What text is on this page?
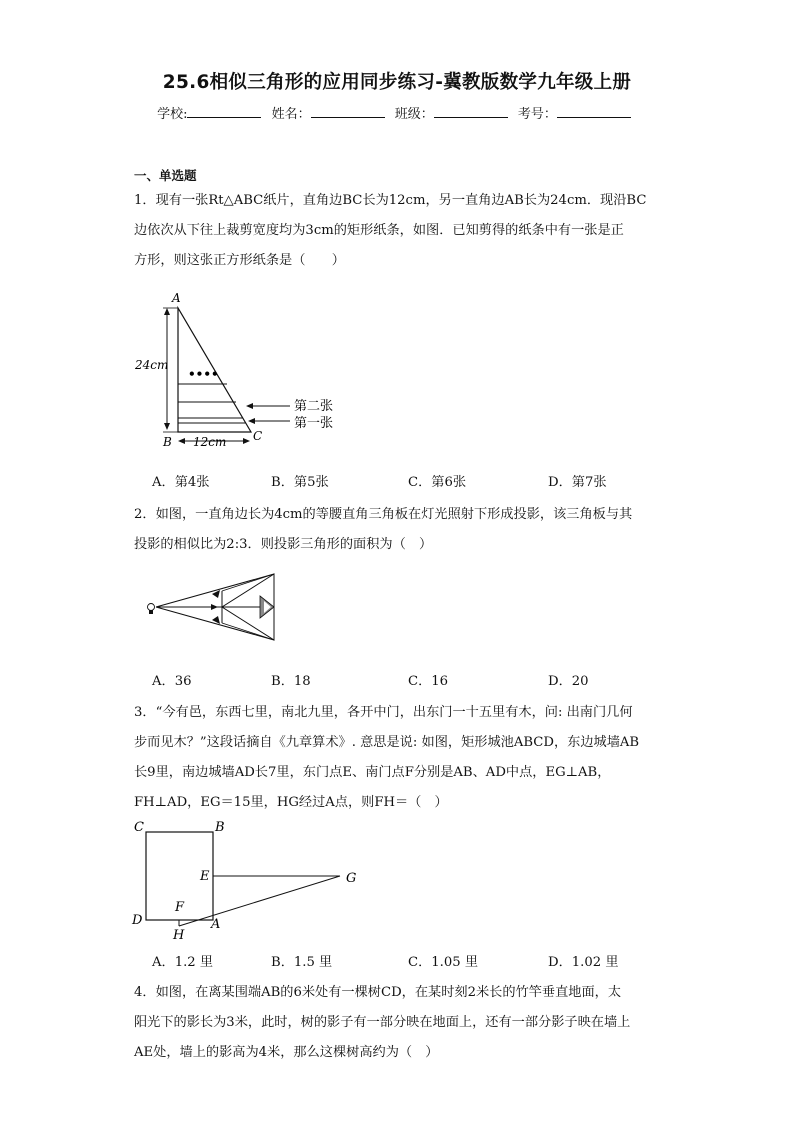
25.6相似三角形的应用同步练习-冀教版数学九年级上册
学校:	姓名：	班级：	考号：
一、单选题
1．现有一张Rt△ABC纸片，直角边BC长为12cm，另一直角边AB长为24cm．现沿BC
边依次从下往上裁剪宽度均为3cm的矩形纸条，如图．已知剪得的纸条中有一张是正
方形，则这张正方形纸条是（　　）
A
B	C
24cm
12cm
••••
第二张
第一张
A．第4张	B．第5张	C．第6张	D．第7张
2．如图，一直角边长为4cm的等腰直角三角板在灯光照射下形成投影，该三角板与其
投影的相似比为2:3．则投影三角形的面积为（　）
A．36	B．18	C．16	D．20
3．“今有邑，东西七里，南北九里，各开中门，出东门一十五里有木，问: 出南门几何
步而见木？”这段话摘自《九章算术》. 意思是说: 如图，矩形城池ABCD，东边城墙AB
长9里，南边城墙AD长7里，东门点E、南门点F分别是AB、AD中点，EG⊥AB，
FH⊥AD，EG＝15里，HG经过A点，则FH＝（　）
C	B
E	G
D
F
A
H
A．1.2 里	B．1.5 里	C．1.05 里	D．1.02 里
4．如图，在离某围端AB的6米处有一棵树CD，在某时刻2米长的竹竿垂直地面，太
阳光下的影长为3米，此时，树的影子有一部分映在地面上，还有一部分影子映在墙上
AE处，墙上的影高为4米，那么这棵树高约为（　）
